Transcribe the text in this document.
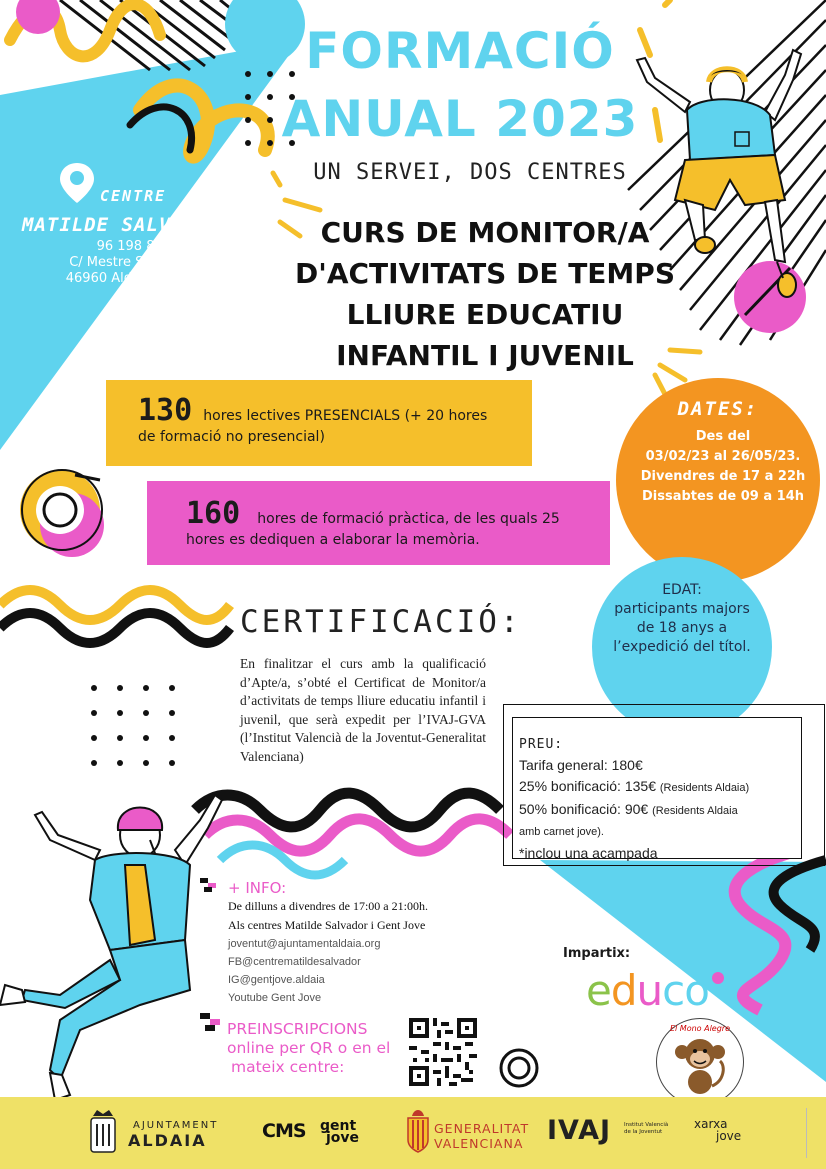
FORMACIÓ
ANUAL 2023
UN SERVEI, DOS CENTRES
CURS DE MONITOR/A
D'ACTIVITATS DE TEMPS
LLIURE EDUCATIU
INFANTIL I JUVENIL
CENTRE
MATILDE SALVADOR
96 198 87 96
C/ Mestre Serrano, 42
46960 Aldaia, València
130 hores lectives PRESENCIALS (+ 20 hores
de formació no presencial)
160 hores de formació pràctica, de les quals 25
hores es dediquen a elaborar la memòria.
DATES:
Des del
03/02/23 al 26/05/23.
Divendres de 17 a 22h
Dissabtes de 09 a 14h
EDAT:
participants majors
de 18 anys a
l’expedició del títol.
CERTIFICACIÓ:
En finalitzar el curs amb la qualificació d’Apte/a, s’obté el Certificat de Monitor/a d’activitats de temps lliure educatiu infantil i juvenil, que serà expedit per l’IVAJ-GVA (l’Institut Valencià de la Joventut-Generalitat Valenciana)
PREU:
Tarifa general: 180€
25% bonificació: 135€ (Residents Aldaia)
50% bonificació: 90€ (Residents Aldaia
amb carnet jove).
*inclou una acampada
+ INFO:
De dilluns a divendres de 17:00 a 21:00h.
Als centres Matilde Salvador i Gent Jove
joventut@ajuntamentaldaia.org
FB@centrematildesalvador
IG@gentjove.aldaia
Youtube Gent Jove
PREINSCRIPCIONS
online per QR o en el
mateix centre:
Impartix:
educo
El Mono Alegre
AJUNTAMENT
ALDAIA	CMS gent
jove
GENERALITAT
VALENCIANA IVAJ Institut Valencià
de la Joventut
xarxa
jove
